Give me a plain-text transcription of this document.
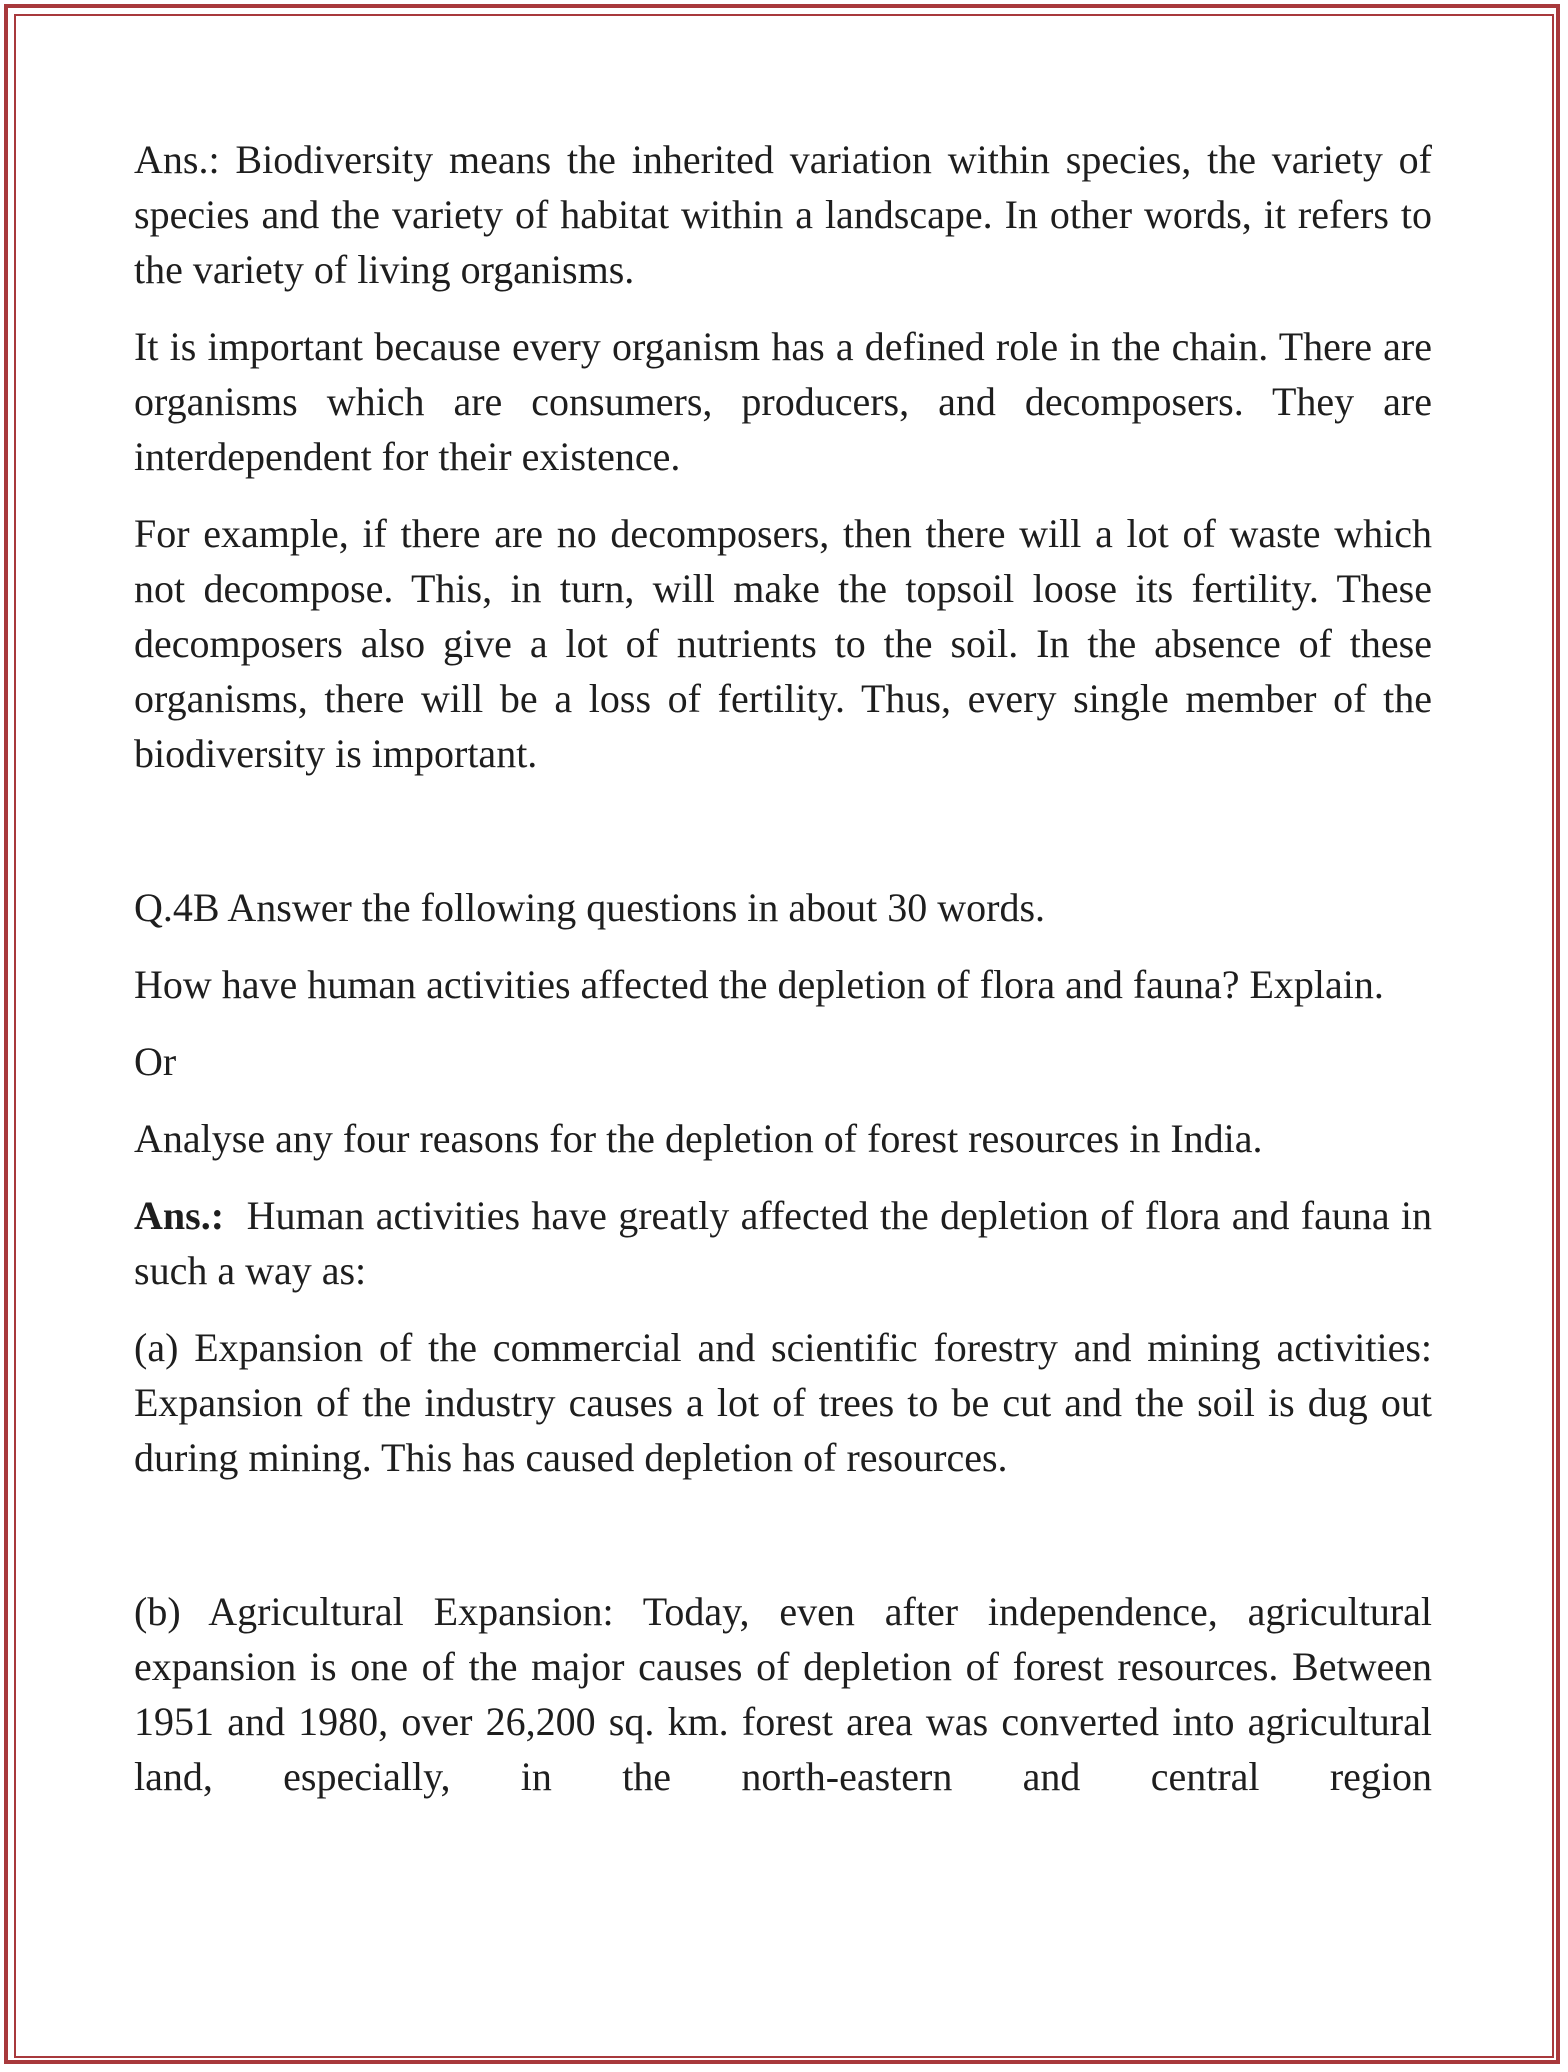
Ans.: Biodiversity means the inherited variation within species, the variety of species and the variety of habitat within a landscape. In other words, it refers to the variety of living organisms.

It is important because every organism has a defined role in the chain. There are organisms which are consumers, producers, and decomposers. They are interdependent for their existence.

For example, if there are no decomposers, then there will a lot of waste which not decompose. This, in turn, will make the topsoil loose its fertility. These decomposers also give a lot of nutrients to the soil. In the absence of these organisms, there will be a loss of fertility. Thus, every single member of the biodiversity is important.

Q.4B Answer the following questions in about 30 words.

How have human activities affected the depletion of flora and fauna? Explain.

Or

Analyse any four reasons for the depletion of forest resources in India.

Ans.: Human activities have greatly affected the depletion of flora and fauna in such a way as:

(a) Expansion of the commercial and scientific forestry and mining activities: Expansion of the industry causes a lot of trees to be cut and the soil is dug out during mining. This has caused depletion of resources.

(b) Agricultural Expansion: Today, even after independence, agricultural expansion is one of the major causes of depletion of forest resources. Between 1951 and 1980, over 26,200 sq. km. forest area was converted into agricultural land, especially, in the north-eastern and central region
